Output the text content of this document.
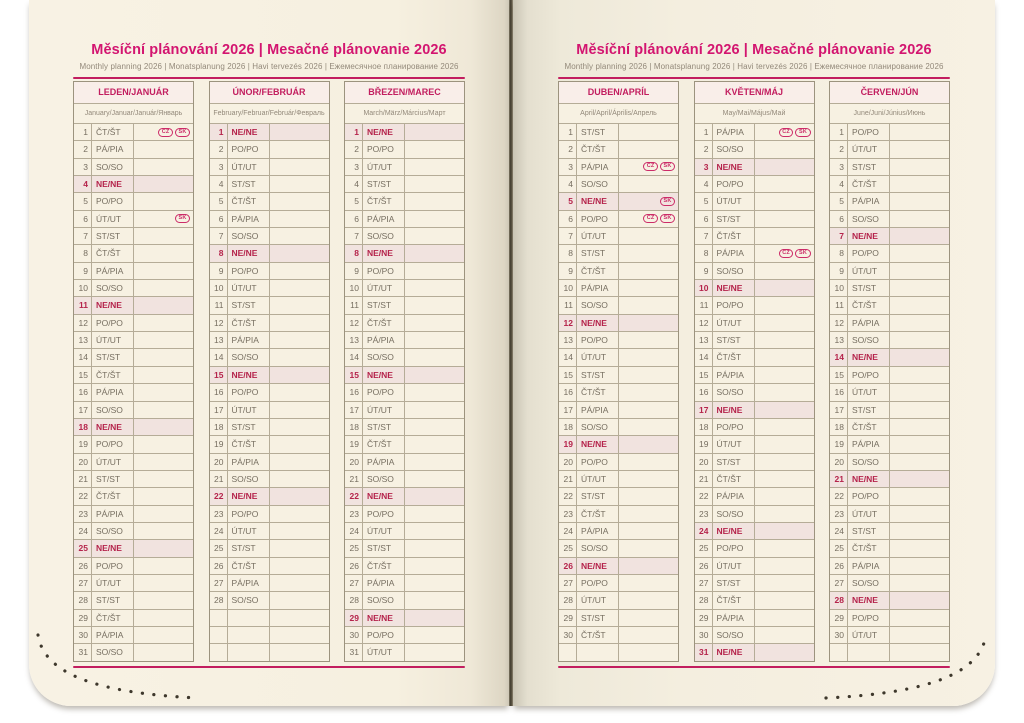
Měsíční plánování 2026 | Mesačné plánovanie 2026
Monthly planning 2026 | Monatsplanung 2026 | Havi tervezés 2026 | Ежемесячное планирование 2026
LEDEN/JANUÁR
January/Januar/Január/Январь
1 ČT/ŠT	CZ	SK
2 PÁ/PIA
3 SO/SO
4 NE/NE
5 PO/PO
6 ÚT/UT	SK
7 ST/ST
8 ČT/ŠT
9 PÁ/PIA
10 SO/SO
11 NE/NE
12 PO/PO
13 ÚT/UT
14 ST/ST
15 ČT/ŠT
16 PÁ/PIA
17 SO/SO
18 NE/NE
19 PO/PO
20 ÚT/UT
21 ST/ST
22 ČT/ŠT
23 PÁ/PIA
24 SO/SO
25 NE/NE
26 PO/PO
27 ÚT/UT
28 ST/ST
29 ČT/ŠT
30 PÁ/PIA
31 SO/SO
ÚNOR/FEBRUÁR
February/Februar/Február/Февраль
1 NE/NE
2 PO/PO
3 ÚT/UT
4 ST/ST
5 ČT/ŠT
6 PÁ/PIA
7 SO/SO
8 NE/NE
9 PO/PO
10 ÚT/UT
11 ST/ST
12 ČT/ŠT
13 PÁ/PIA
14 SO/SO
15 NE/NE
16 PO/PO
17 ÚT/UT
18 ST/ST
19 ČT/ŠT
20 PÁ/PIA
21 SO/SO
22 NE/NE
23 PO/PO
24 ÚT/UT
25 ST/ST
26 ČT/ŠT
27 PÁ/PIA
28 SO/SO
BŘEZEN/MAREC
March/März/Március/Март
1 NE/NE
2 PO/PO
3 ÚT/UT
4 ST/ST
5 ČT/ŠT
6 PÁ/PIA
7 SO/SO
8 NE/NE
9 PO/PO
10 ÚT/UT
11 ST/ST
12 ČT/ŠT
13 PÁ/PIA
14 SO/SO
15 NE/NE
16 PO/PO
17 ÚT/UT
18 ST/ST
19 ČT/ŠT
20 PÁ/PIA
21 SO/SO
22 NE/NE
23 PO/PO
24 ÚT/UT
25 ST/ST
26 ČT/ŠT
27 PÁ/PIA
28 SO/SO
29 NE/NE
30 PO/PO
31 ÚT/UT
Měsíční plánování 2026 | Mesačné plánovanie 2026
Monthly planning 2026 | Monatsplanung 2026 | Havi tervezés 2026 | Ежемесячное планирование 2026
DUBEN/APRÍL
April/April/Április/Апрель
1 ST/ST
2 ČT/ŠT
3 PÁ/PIA	CZ	SK
4 SO/SO
5 NE/NE	SK
6 PO/PO	CZ	SK
7 ÚT/UT
8 ST/ST
9 ČT/ŠT
10 PÁ/PIA
11 SO/SO
12 NE/NE
13 PO/PO
14 ÚT/UT
15 ST/ST
16 ČT/ŠT
17 PÁ/PIA
18 SO/SO
19 NE/NE
20 PO/PO
21 ÚT/UT
22 ST/ST
23 ČT/ŠT
24 PÁ/PIA
25 SO/SO
26 NE/NE
27 PO/PO
28 ÚT/UT
29 ST/ST
30 ČT/ŠT
KVĚTEN/MÁJ
May/Mai/Május/Май
1 PÁ/PIA	CZ	SK
2 SO/SO
3 NE/NE
4 PO/PO
5 ÚT/UT
6 ST/ST
7 ČT/ŠT
8 PÁ/PIA	CZ	SK
9 SO/SO
10 NE/NE
11 PO/PO
12 ÚT/UT
13 ST/ST
14 ČT/ŠT
15 PÁ/PIA
16 SO/SO
17 NE/NE
18 PO/PO
19 ÚT/UT
20 ST/ST
21 ČT/ŠT
22 PÁ/PIA
23 SO/SO
24 NE/NE
25 PO/PO
26 ÚT/UT
27 ST/ST
28 ČT/ŠT
29 PÁ/PIA
30 SO/SO
31 NE/NE
ČERVEN/JÚN
June/Juni/Június/Июнь
1 PO/PO
2 ÚT/UT
3 ST/ST
4 ČT/ŠT
5 PÁ/PIA
6 SO/SO
7 NE/NE
8 PO/PO
9 ÚT/UT
10 ST/ST
11 ČT/ŠT
12 PÁ/PIA
13 SO/SO
14 NE/NE
15 PO/PO
16 ÚT/UT
17 ST/ST
18 ČT/ŠT
19 PÁ/PIA
20 SO/SO
21 NE/NE
22 PO/PO
23 ÚT/UT
24 ST/ST
25 ČT/ŠT
26 PÁ/PIA
27 SO/SO
28 NE/NE
29 PO/PO
30 ÚT/UT
